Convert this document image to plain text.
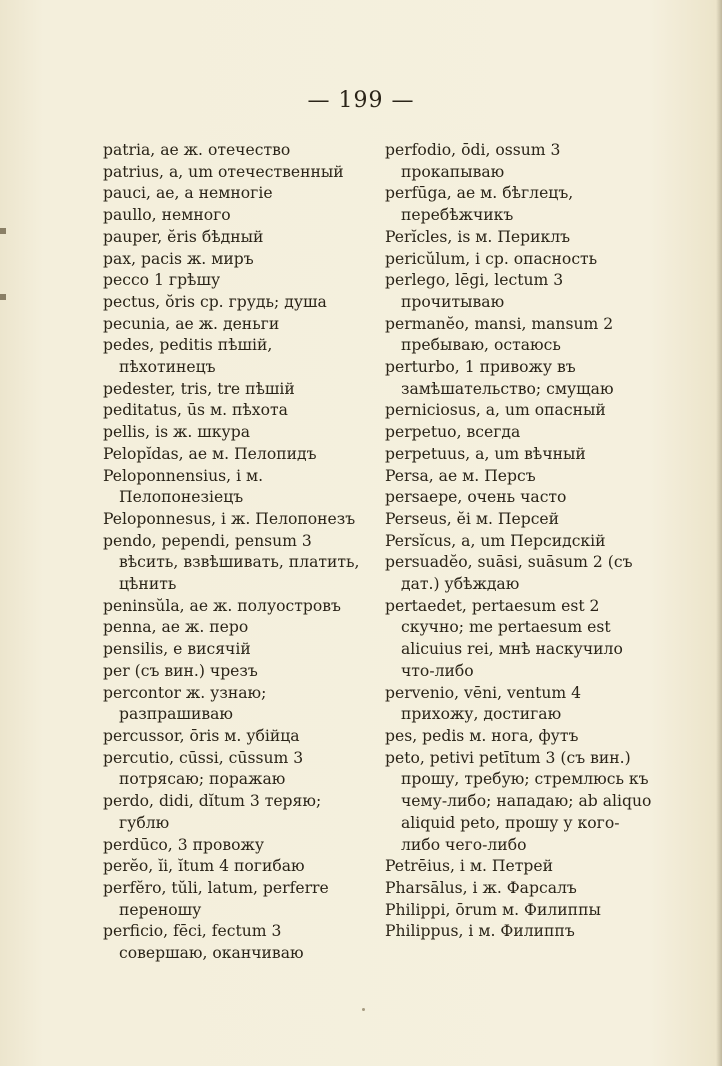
— 199 —

patria, ae ж. отечество

patrius, a, um отечественный

pauci, ae, a немногіе

paullo, немного

pauper, ĕris бѣдный

pax, pacis ж. миръ

pecco 1 грѣшу

pectus, ŏris ср. грудь; душа

pecunia, ae ж. деньги

pedes, peditis пѣшій, пѣхотинецъ

pedester, tris, tre пѣшій

peditatus, ūs м. пѣхота

pellis, is ж. шкура

Pelopĭdas, ae м. Пелопидъ

Peloponnensius, i м. Пелопонезіецъ

Peloponnesus, i ж. Пелопонезъ

pendo, pependi, pensum 3 вѣсить, взвѣшивать, платить, цѣнить

peninsŭla, ae ж. полуостровъ

penna, ae ж. перо

pensilis, e висячій

per (съ вин.) чрезъ

percontor ж. узнаю; разпрашиваю

percussor, ōris м. убійца

percutio, cūssi, cūssum 3 потрясаю; поражаю

perdo, didi, dĭtum 3 теряю; гублю

perdūco, 3 провожу

perĕo, ĭi, ĭtum 4 погибаю

perfĕro, tŭli, latum, perferre переношу

perficio, fēci, fectum 3 совершаю, оканчиваю

perfodio, ōdi, ossum 3 прокапываю

perfūga, ae м. бѣглецъ, перебѣжчикъ

Perĭcles, is м. Периклъ

pericŭlum, i ср. опасность

perlego, lēgi, lectum 3 прочитываю

permanĕo, mansi, mansum 2 пребываю, остаюсь

perturbo, 1 привожу въ замѣшательство; смущаю

perniciosus, a, um опасный

perpetuo, всегда

perpetuus, a, um вѣчный

Persa, ae м. Персъ

persaepe, очень часто

Perseus, ĕi м. Персей

Persĭcus, a, um Персидскій

persuadĕo, suāsi, suāsum 2 (съ дат.) убѣждаю

pertaedet, pertaesum est 2 скучно; me pertaesum est alicuius rei, мнѣ наскучило что-либо

pervenio, vēni, ventum 4 прихожу, достигаю

pes, pedis м. нога, футъ

peto, petivi petītum 3 (съ вин.) прошу, требую; стремлюсь къ чему-либо; нападаю; ab aliquo aliquid peto, прошу у кого-либо чего-либо

Petrēius, i м. Петрей

Pharsālus, i ж. Фарсалъ

Philippi, ōrum м. Филиппы

Philippus, i м. Филиппъ
